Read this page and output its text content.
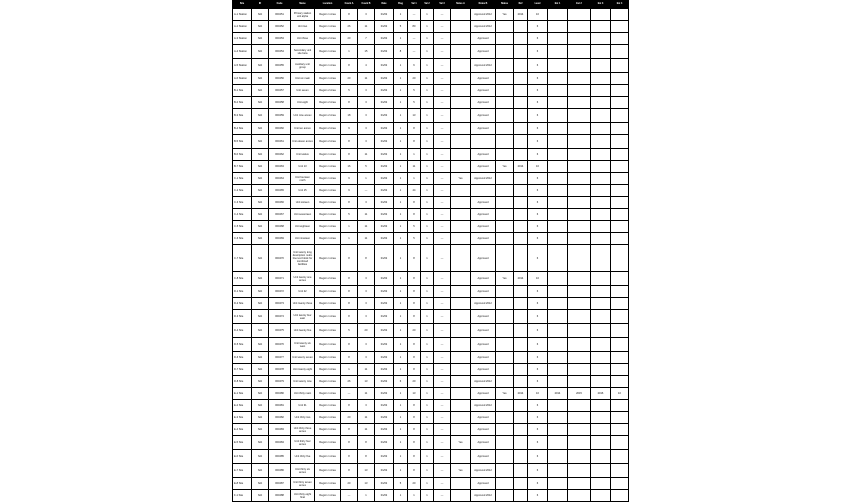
Site	ID	Code	Name	Location	Count A	Count B	Date	Flag	Val 1	Val 2	Val 3	Notes A	Notes B	Status	Ref	Level	Est 1	Est 2	Est 3	Est 4
A-1 Station	N/A	000451	Primary station unit alpha	Region 1 Area	8	3	01/02	1	—	1	—		Approved 2012	Yes	2014	10				
A-2 Station	N/A	000452	Unit two	Region 1 Area	26	11	01/02	5	80	1	—		Approved 2012			6				
A-3 Station	N/A	000453	Unit three	Region 2 Area	20	7	01/02	1	—	1	—		Approved			6				
A-4 Station	N/A	000454	Secondary unit site beta	Region 1 Area	1	15	01/02	8	—	1	—		Approved			6				
A-5 Station	N/A	000455	Auxiliary unit group	Region 1 Area	8	4	01/02	1	6	1	—		Approved 2012			6				
A-6 Station	N/A	000456	Unit six main	Region 1 Area	20	11	01/02	1	20	1	—		Approved			6				
B-1 Site	N/A	000457	Unit seven	Region 2 Area	5	3	01/02	1	5	1	—		Approved			6				
B-2 Site	N/A	000458	Unit eight	Region 2 Area	8	3	01/02	1	5	1	—		Approved			6				
B-3 Site	N/A	000459	Unit nine annex	Region 2 Area	18	3	01/02	1	13	1	—		Approved			6				
B-4 Site	N/A	000460	Unit ten annex	Region 2 Area	9	3	01/02	1	8	1	—		Approved			6				
B-5 Site	N/A	000461	Unit eleven annex	Region 2 Area	8	3	01/02	1	8	1	—					6				
B-6 Site	N/A	000462	Unit twelve	Region 1 Area	8	11	01/02	1	1	1	—		Approved			6				
B-7 Site	N/A	000463	Unit 13	Region 1 Area	16	5	01/02	1	11	1	—		Approved	Yes	2014	10				
C-1 Site	N/A	000464	Unit fourteen north	Region 1 Area	9	1	01/02	1	1	1	—	Yes	Approved 2012			6				
C-2 Site	N/A	000465	Unit 15	Region 1 Area	9	—	01/02	1	44	1	—					6				
C-3 Site	N/A	000466	Unit sixteen	Region 1 Area	8	3	01/02	1	8	1	—		Approved			6				
C-4 Site	N/A	000467	Unit seventeen	Region 1 Area	5	11	01/02	1	8	1	—		Approved			6				
C-5 Site	N/A	000468	Unit eighteen	Region 1 Area	1	11	01/02	1	5	1	—		Approved			6				
C-6 Site	N/A	000469	Unit nineteen	Region 1 Area	1	11	01/02	1	5	1	—		Approved			6				
C-7 Site	N/A	000470	Unit twenty long description multi-line text block for combined facilities	Region 1 Area	8	8	01/02	1	8	1	—		Approved			6				
C-8 Site	N/A	000471	Unit twenty one annex	Region 2 Area	8	3	01/02	1	8	1	—		Approved	Yes	2014	10				
D-1 Site	N/A	000472	Unit 22	Region 1 Area	8	3	01/02	1	8	1	—		Approved			6				
D-2 Site	N/A	000473	Unit twenty three	Region 1 Area	8	3	01/02	1	8	1	—		Approved 2012			6				
D-3 Site	N/A	000474	Unit twenty four east	Region 1 Area	8	3	01/02	1	8	1	—		Approved			6				
D-4 Site	N/A	000475	Unit twenty five	Region 1 Area	5	20	01/02	1	20	1	—		Approved			6				
D-5 Site	N/A	000476	Unit twenty six west	Region 1 Area	8	3	01/02	1	8	1	—		Approved			6				
D-6 Site	N/A	000477	Unit twenty seven	Region 1 Area	8	3	01/02	1	8	1	—		Approved			6				
D-7 Site	N/A	000478	Unit twenty eight	Region 1 Area	1	11	01/02	1	8	1	—		Approved			6				
D-8 Site	N/A	000479	Unit twenty nine	Region 1 Area	26	13	01/02	6	20	1	—		Approved 2012			6				
E-1 Site	N/A	000480	Unit thirty main	Region 1 Area	—	11	01/02	1	13	1	—		Approved	Yes	2014	10	2014	2015	2016	10
E-2 Site	N/A	000481	Unit 31	Region 1 Area	8	3	01/02	1	8	1	—		Approved 2012			6				
E-3 Site	N/A	000482	Unit thirty two	Region 1 Area	20	11	01/02	1	8	1	—		Approved			6				
E-4 Site	N/A	000483	Unit thirty three annex	Region 1 Area	8	11	01/02	1	8	1	—		Approved			6				
E-5 Site	N/A	000484	Unit thirty four annex	Region 1 Area	8	8	01/02	1	8	1	—	Yes	Approved			6				
E-6 Site	N/A	000485	Unit thirty five	Region 1 Area	8	8	01/02	1	8	1	—		Approved			6				
E-7 Site	N/A	000486	Unit thirty six annex	Region 1 Area	8	13	01/02	1	8	1	—	Yes	Approved 2012			6				
E-8 Site	N/A	000487	Unit thirty seven annex	Region 1 Area	20	13	01/02	5	20	1	—		Approved			6				
F-1 Site	N/A	000488	Unit thirty eight final	Region 1 Area	—	1	01/02	1	1	1	—		Approved 2012			6				
